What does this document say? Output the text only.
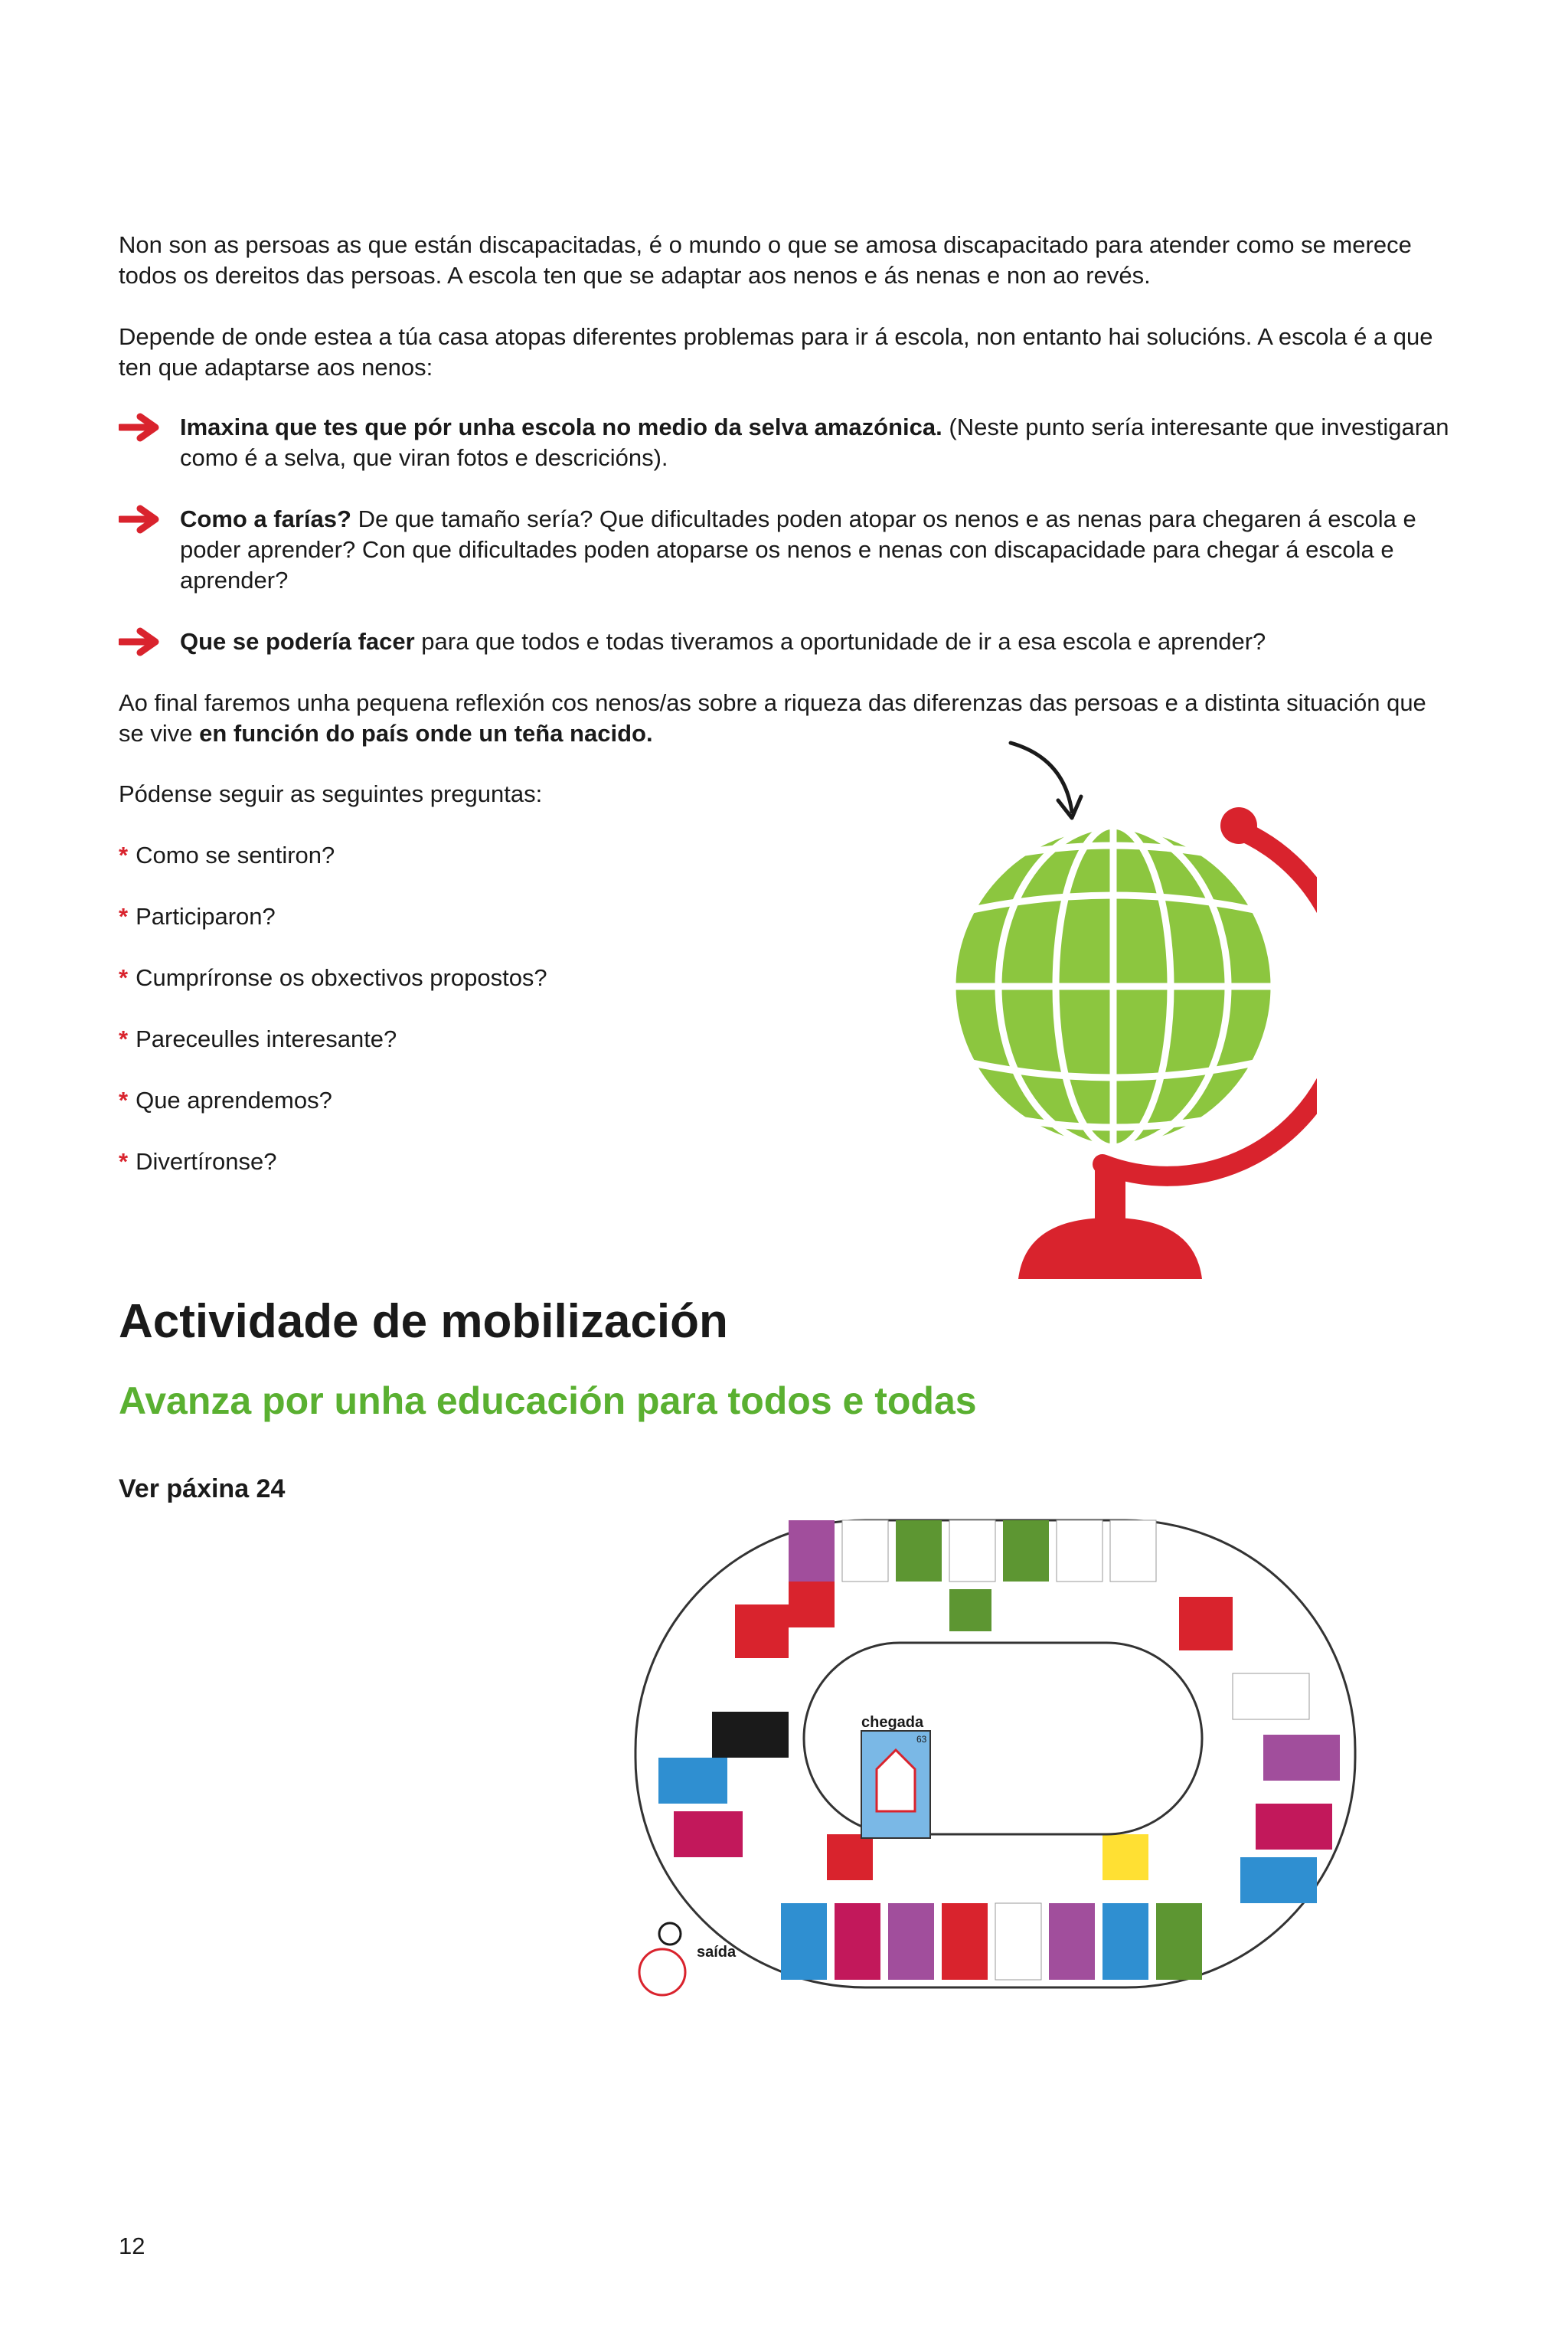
Non son as persoas as que están discapacitadas, é o mundo o que se amosa discapacitado para atender como se merece todos os dereitos das persoas. A escola ten que se adaptar aos nenos e ás nenas e non ao revés.

Depende de onde estea a túa casa atopas diferentes problemas para ir á escola, non entanto hai solucións. A escola é a que ten que adaptarse aos nenos:

Imaxina que tes que pór unha escola no medio da selva amazónica. (Neste punto sería interesante que investigaran como é a selva, que viran fotos e descricións).
Como a farías? De que tamaño sería? Que dificultades poden atopar os nenos e as nenas para chegaren á escola e poder aprender? Con que dificultades poden atoparse os nenos e nenas con discapacidade para chegar á escola e aprender?
Que se podería facer para que todos e todas tiveramos a oportunidade de ir a esa escola e aprender?

Ao final faremos unha pequena reflexión cos nenos/as sobre a riqueza das diferenzas das persoas e a distinta situación que se vive en función do país onde un teña nacido.

Pódense seguir as seguintes preguntas:

* Como se sentiron?
* Participaron?
* Cumpríronse os obxectivos propostos?
* Pareceulles interesante?
* Que aprendemos?
* Divertíronse?
Actividade de mobilización
Avanza por unha educación para todos e todas
Ver páxina 24
chegada
63
saída
12
